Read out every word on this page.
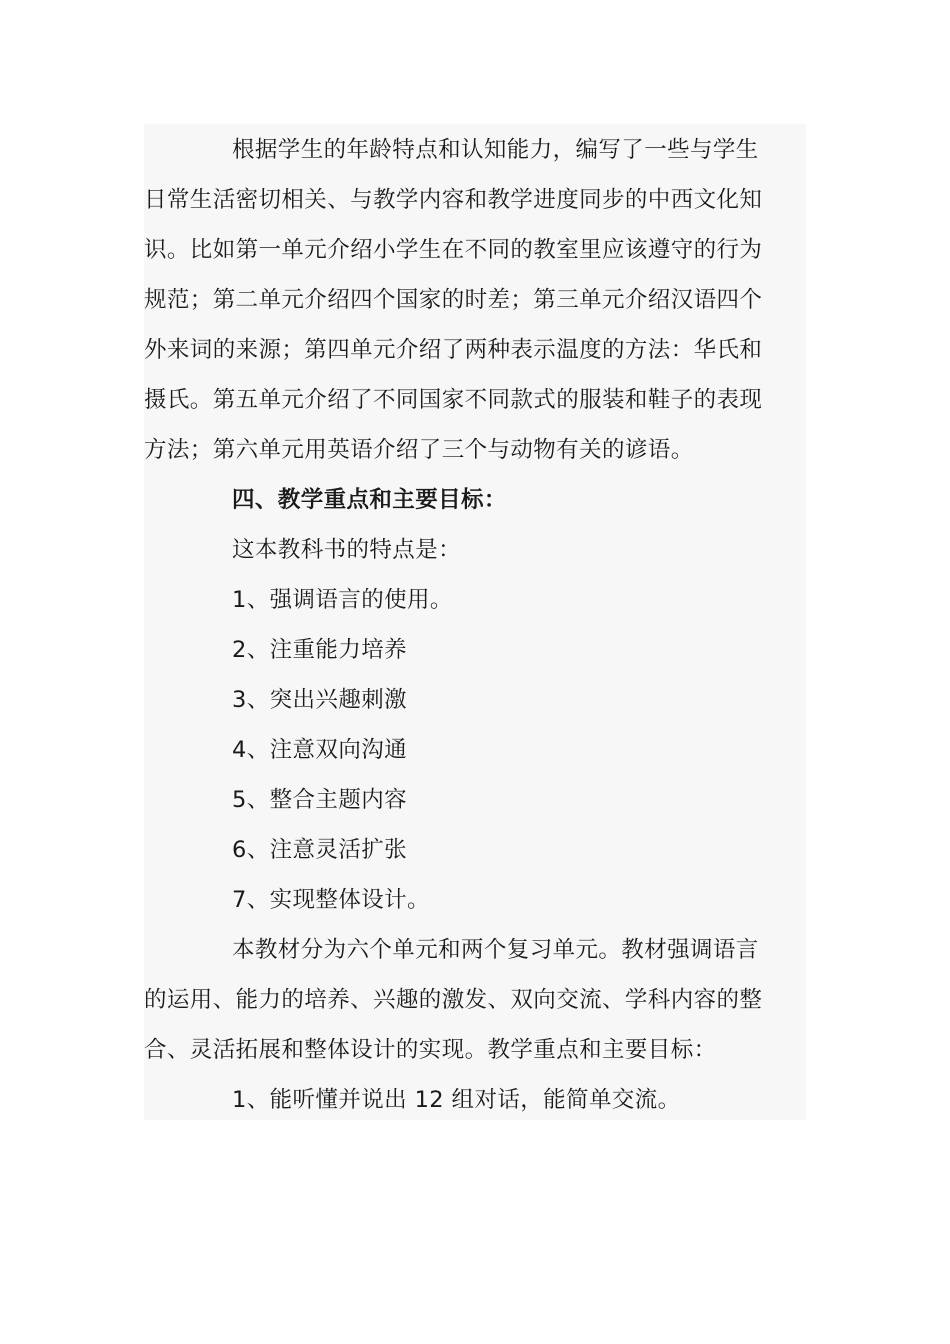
根据学生的年龄特点和认知能力，编写了一些与学生
日常生活密切相关、与教学内容和教学进度同步的中西文化知
识。比如第一单元介绍小学生在不同的教室里应该遵守的行为
规范；第二单元介绍四个国家的时差；第三单元介绍汉语四个
外来词的来源；第四单元介绍了两种表示温度的方法：华氏和
摄氏。第五单元介绍了不同国家不同款式的服装和鞋子的表现
方法；第六单元用英语介绍了三个与动物有关的谚语。
四、教学重点和主要目标：
这本教科书的特点是：
1、强调语言的使用。
2、注重能力培养
3、突出兴趣刺激
4、注意双向沟通
5、整合主题内容
6、注意灵活扩张
7、实现整体设计。
本教材分为六个单元和两个复习单元。教材强调语言
的运用、能力的培养、兴趣的激发、双向交流、学科内容的整
合、灵活拓展和整体设计的实现。教学重点和主要目标：
1、能听懂并说出 12 组对话，能简单交流。
